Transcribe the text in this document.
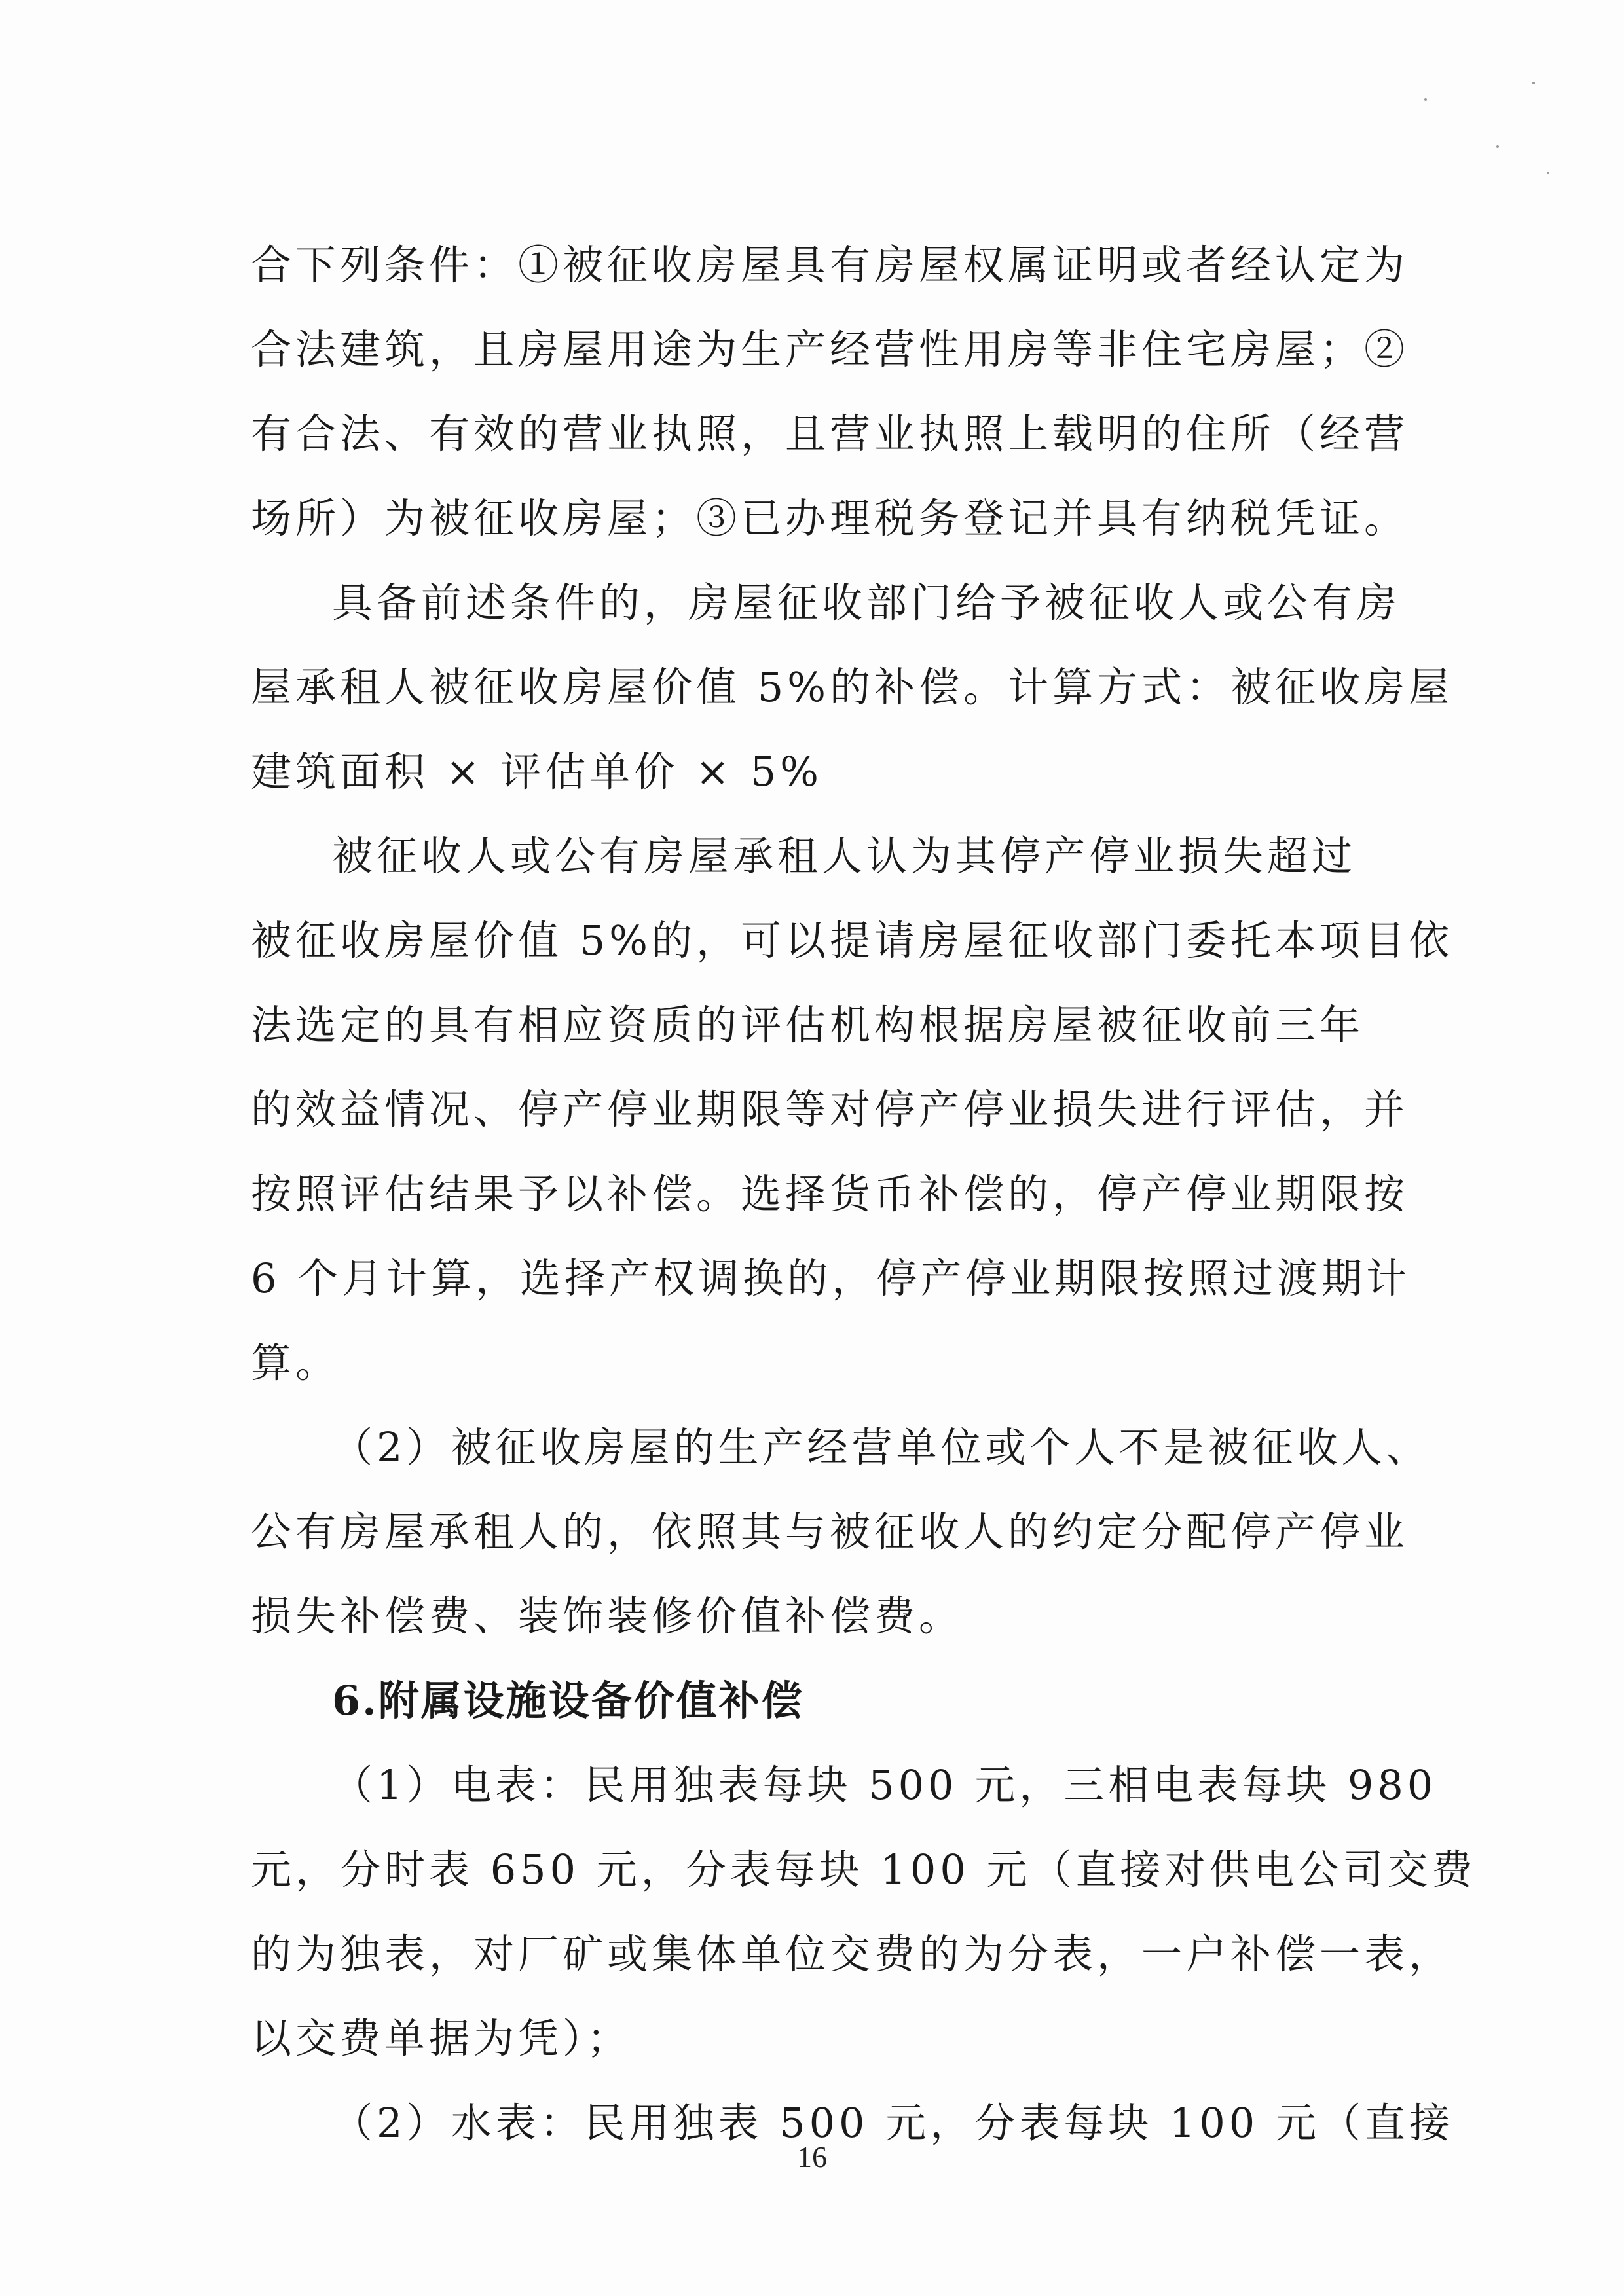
合下列条件：①被征收房屋具有房屋权属证明或者经认定为
合法建筑，且房屋用途为生产经营性用房等非住宅房屋；②
有合法、有效的营业执照，且营业执照上载明的住所（经营
场所）为被征收房屋；③已办理税务登记并具有纳税凭证。
具备前述条件的，房屋征收部门给予被征收人或公有房
屋承租人被征收房屋价值 5%的补偿。计算方式：被征收房屋
建筑面积 × 评估单价 × 5%
被征收人或公有房屋承租人认为其停产停业损失超过
被征收房屋价值 5%的，可以提请房屋征收部门委托本项目依
法选定的具有相应资质的评估机构根据房屋被征收前三年
的效益情况、停产停业期限等对停产停业损失进行评估，并
按照评估结果予以补偿。选择货币补偿的，停产停业期限按
6 个月计算，选择产权调换的，停产停业期限按照过渡期计
算。
（2）被征收房屋的生产经营单位或个人不是被征收人、
公有房屋承租人的，依照其与被征收人的约定分配停产停业
损失补偿费、装饰装修价值补偿费。
6.附属设施设备价值补偿
（1）电表：民用独表每块 500 元，三相电表每块 980
元，分时表 650 元，分表每块 100 元（直接对供电公司交费
的为独表，对厂矿或集体单位交费的为分表，一户补偿一表，
以交费单据为凭）；
（2）水表：民用独表 500 元，分表每块 100 元（直接
16
